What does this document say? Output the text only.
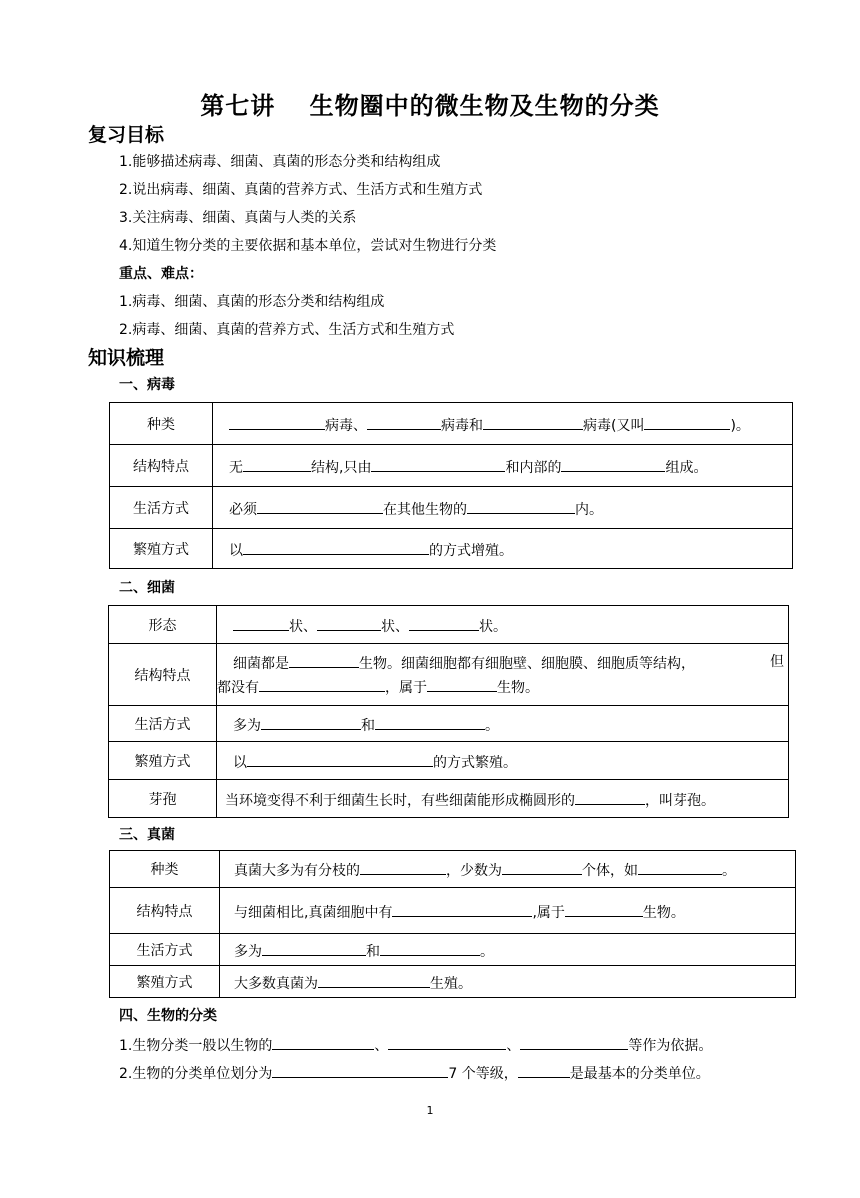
第七讲　 生物圈中的微生物及生物的分类
复习目标
1.能够描述病毒、细菌、真菌的形态分类和结构组成
2.说出病毒、细菌、真菌的营养方式、生活方式和生殖方式
3.关注病毒、细菌、真菌与人类的关系
4.知道生物分类的主要依据和基本单位，尝试对生物进行分类
重点、难点：
1.病毒、细菌、真菌的形态分类和结构组成
2.病毒、细菌、真菌的营养方式、生活方式和生殖方式
知识梳理
一、病毒
种类	病毒、 病毒和 病毒(又叫 )。
结构特点	无 结构,只由 和内部的 组成。
生活方式	必须 在其他生物的 内。
繁殖方式	以 的方式增殖。
二、细菌
形态	状、 状、 状。
结构特点	细菌都是 生物。细菌细胞都有细胞壁、细胞膜、细胞质等结构， 但
都没有 ，属于 生物。

生活方式	多为 和 。
繁殖方式	以 的方式繁殖。
芽孢	当环境变得不利于细菌生长时，有些细菌能形成椭圆形的 ，叫芽孢。
三、真菌
种类	真菌大多为有分枝的 ，少数为 个体，如 。
结构特点	与细菌相比,真菌细胞中有 ,属于 生物。
生活方式	多为 和 。
繁殖方式	大多数真菌为 生殖。
四、生物的分类
1.生物分类一般以生物的	、	、	等作为依据。
2.生物的分类单位划分为	7 个等级，	是最基本的分类单位。
1
